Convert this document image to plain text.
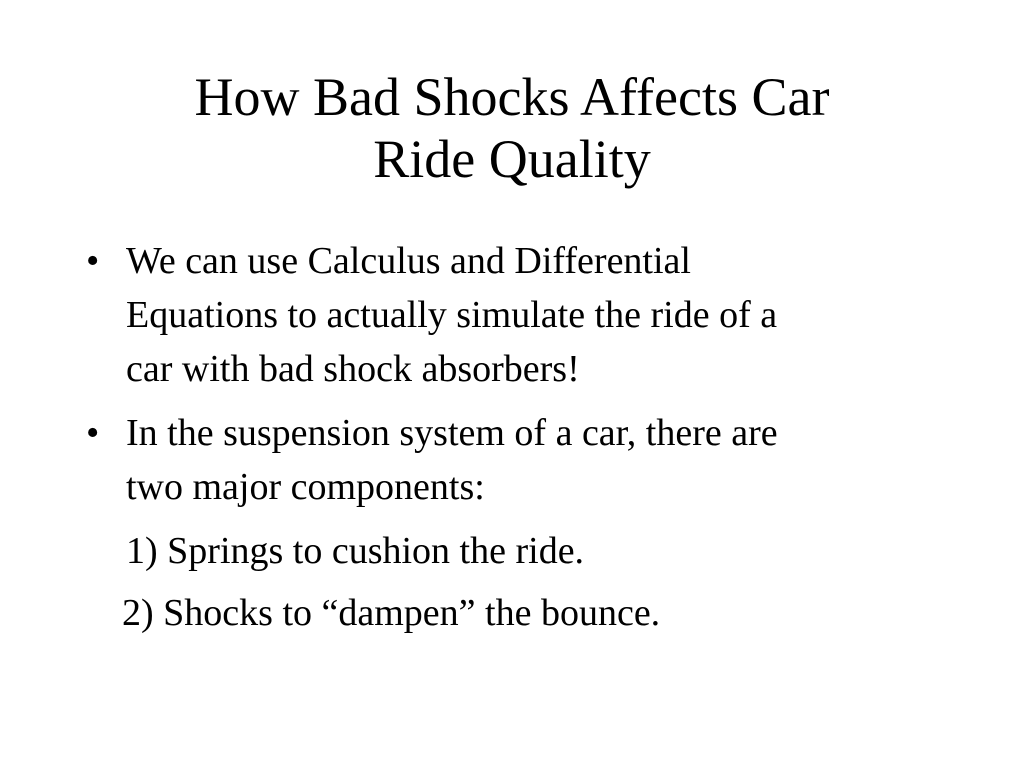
How Bad Shocks Affects Car
Ride Quality
• We can use Calculus and Differential
Equations to actually simulate the ride of a
car with bad shock absorbers!
• In the suspension system of a car, there are
two major components:

1) Springs to cushion the ride.

2) Shocks to “dampen” the bounce.
